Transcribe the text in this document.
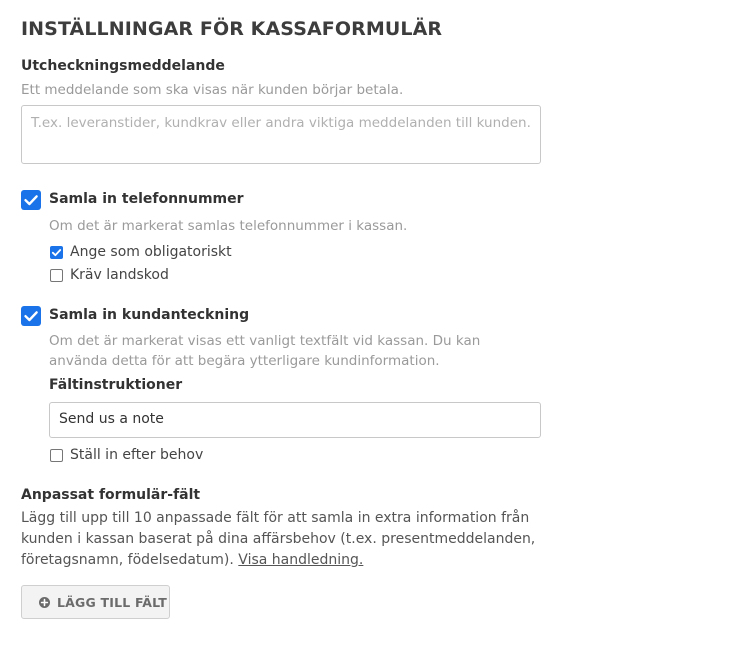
INSTÄLLNINGAR FÖR KASSAFORMULÄR
Utcheckningsmeddelande
Ett meddelande som ska visas när kunden börjar betala.
T.ex. leveranstider, kundkrav eller andra viktiga meddelanden till kunden.
Samla in telefonnummer
Om det är markerat samlas telefonnummer i kassan.
Ange som obligatoriskt
Kräv landskod
Samla in kundanteckning
Om det är markerat visas ett vanligt textfält vid kassan. Du kan använda detta för att begära ytterligare kundinformation.
Fältinstruktioner
Send us a note
Ställ in efter behov
Anpassat formulär-fält
Lägg till upp till 10 anpassade fält för att samla in extra information från kunden i kassan baserat på dina affärsbehov (t.ex. presentmeddelanden, företagsnamn, födelsedatum). Visa handledning.
LÄGG TILL FÄLT
